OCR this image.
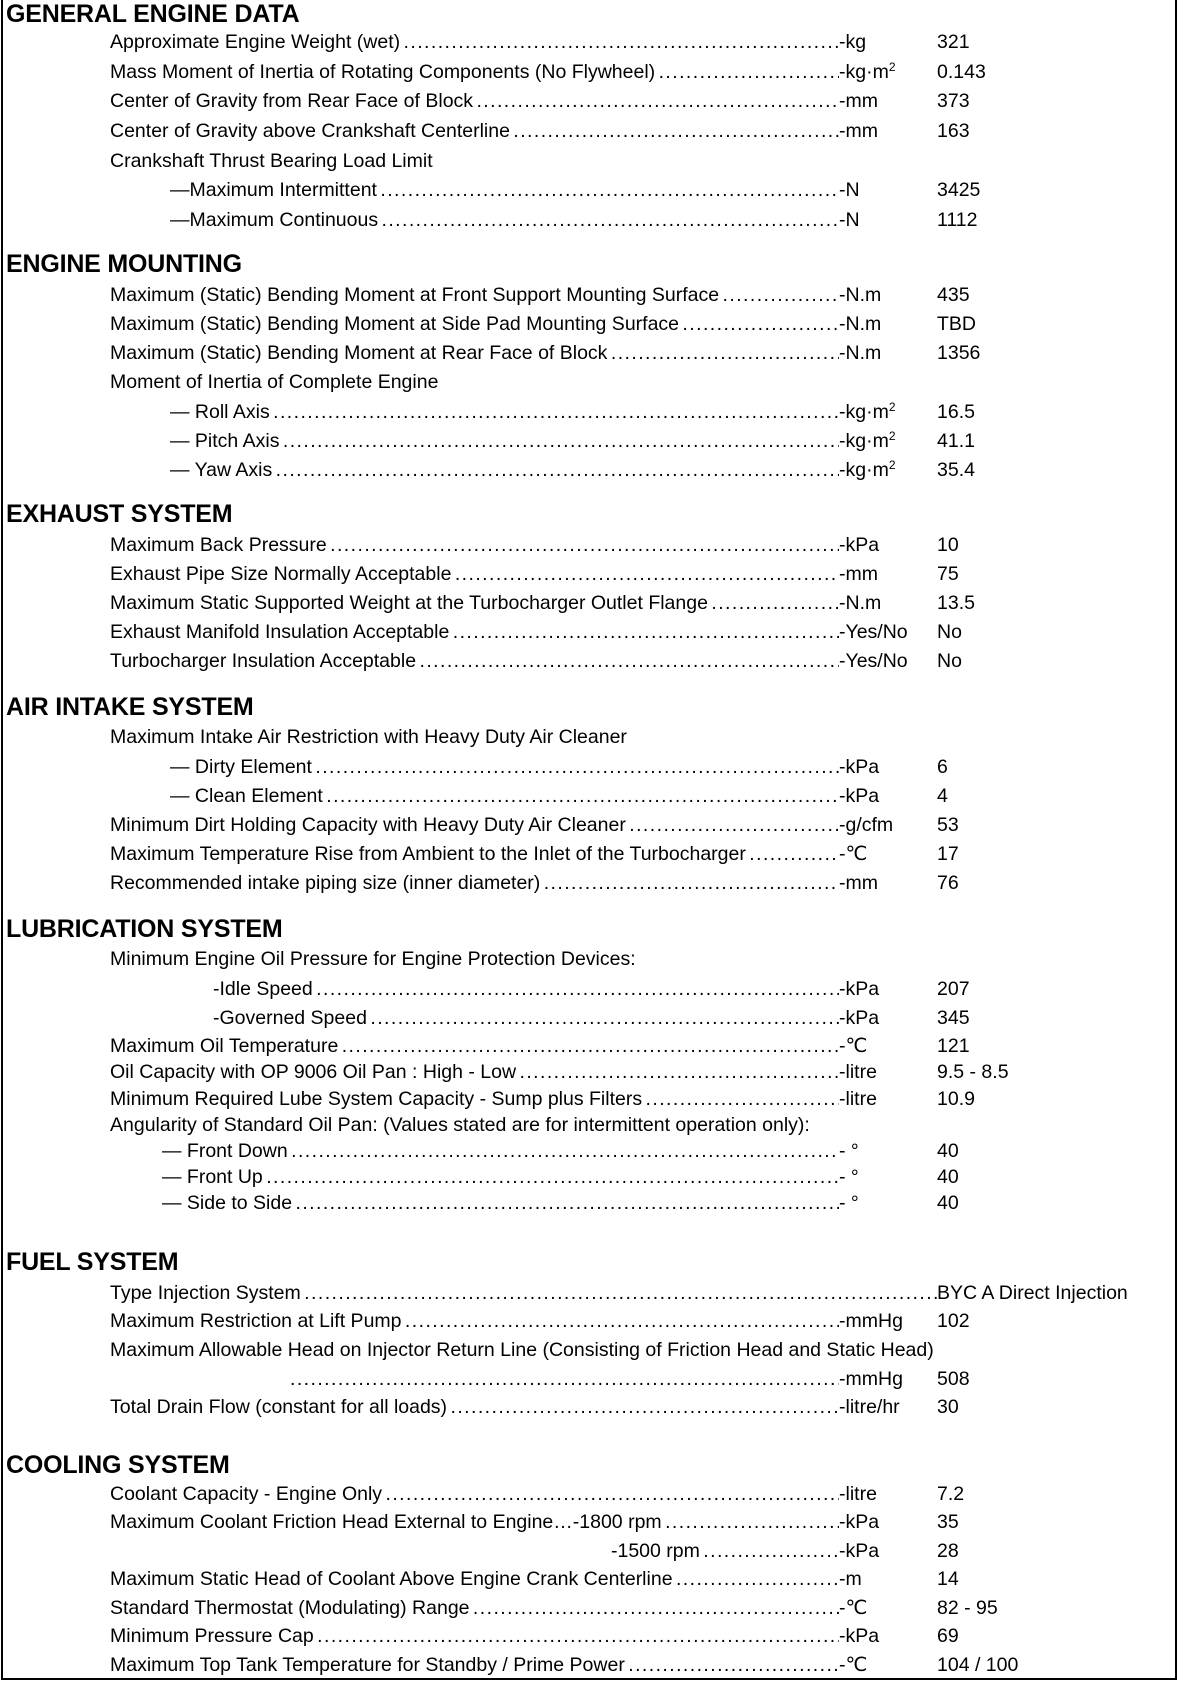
GENERAL ENGINE DATA
Approximate Engine Weight (wet) . . .	-kg	321
Mass Moment of Inertia of Rotating Components (No Flywheel) . . .	$-kg\cdot m^2$ 0.143
Center of Gravity from Rear Face of Block . . .	-mm	373
Center of Gravity above Crankshaft Centerline . . .	-mm	163
Crankshaft Thrust Bearing Load Limit
—Maximum Intermittent . . .	-N	3425
—Maximum Continuous . . .	-N	1112
ENGINE MOUNTING
Maximum (Static) Bending Moment at Front Support Mounting Surface . . .	-N.m	435
Maximum (Static) Bending Moment at Side Pad Mounting Surface . . .	-N.m	TBD
Maximum (Static) Bending Moment at Rear Face of Block . . .	-N.m	1356
Moment of Inertia of Complete Engine
— Roll Axis . . .	$-kg\cdot m^2$ 16.5
— Pitch Axis . . .	$-kg\cdot m^2$ 41.1
— Yaw Axis . . .	$-kg\cdot m^2$ 35.4
EXHAUST SYSTEM
Maximum Back Pressure . . .	-kPa	10
Exhaust Pipe Size Normally Acceptable . . .	-mm	75
Maximum Static Supported Weight at the Turbocharger Outlet Flange . . .	-N.m	13.5
Exhaust Manifold Insulation Acceptable . . .	-Yes/No No
Turbocharger Insulation Acceptable . . .	-Yes/No No
AIR INTAKE SYSTEM
Maximum Intake Air Restriction with Heavy Duty Air Cleaner
— Dirty Element . . .	-kPa	6
— Clean Element . . .	-kPa	4
Minimum Dirt Holding Capacity with Heavy Duty Air Cleaner . . .	-g/cfm 53
Maximum Temperature Rise from Ambient to the Inlet of the Turbocharger . . .	-℃	17
Recommended intake piping size (inner diameter) . . .	-mm	76
LUBRICATION SYSTEM
Minimum Engine Oil Pressure for Engine Protection Devices:
-Idle Speed . . .	-kPa	207
-Governed Speed . . .	-kPa	345
Maximum Oil Temperature . . .	-℃	121
Oil Capacity with OP 9006 Oil Pan : High - Low . . .	-litre	9.5 - 8.5
Minimum Required Lube System Capacity - Sump plus Filters . . .	-litre	10.9
Angularity of Standard Oil Pan: (Values stated are for intermittent operation only):
— Front Down . . .	- °	40
— Front Up . . .	- °	40
— Side to Side . . .	- °	40
FUEL SYSTEM
Type Injection System . . .	BYC A Direct Injection
Maximum Restriction at Lift Pump . . .	-mmHg 102
Maximum Allowable Head on Injector Return Line (Consisting of Friction Head and Static Head)
. . .
-mmHg 508
Total Drain Flow (constant for all loads) . . .	-litre/hr 30
COOLING SYSTEM
Coolant Capacity - Engine Only . . .	-litre	7.2
Maximum Coolant Friction Head External to Engine…-1800 rpm . . .	-kPa	35
-1500 rpm . . .	-kPa	28
Maximum Static Head of Coolant Above Engine Crank Centerline . . .	-m	14
Standard Thermostat (Modulating) Range . . .	-℃	82 - 95
Minimum Pressure Cap . . .	-kPa	69
Maximum Top Tank Temperature for Standby / Prime Power . . .	-℃	104 / 100
